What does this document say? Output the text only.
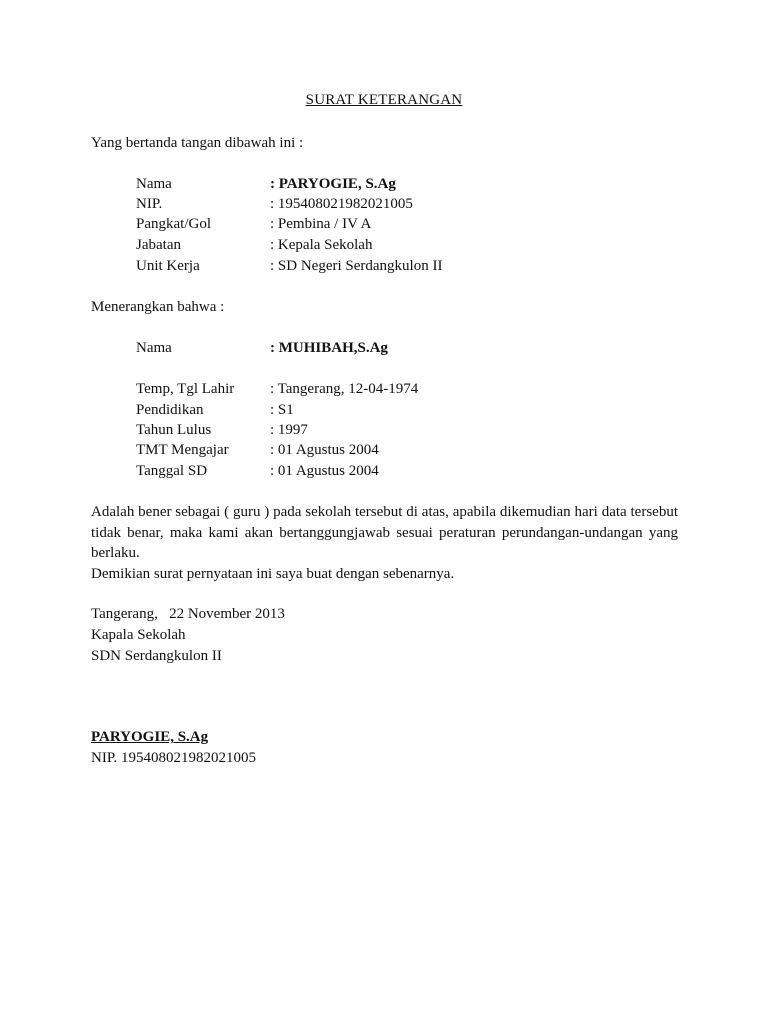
SURAT KETERANGAN
Yang bertanda tangan dibawah ini :
Nama	: PARYOGIE, S.Ag
NIP.	: 195408021982021005
Pangkat/Gol	: Pembina / IV A
Jabatan	: Kepala Sekolah
Unit Kerja	: SD Negeri Serdangkulon II
Menerangkan bahwa :
Nama	: MUHIBAH,S.Ag
Temp, Tgl Lahir : Tangerang, 12-04-1974
Pendidikan	: S1
Tahun Lulus	: 1997
TMT Mengajar	: 01 Agustus 2004
Tanggal SD	: 01 Agustus 2004

Adalah bener sebagai ( guru ) pada sekolah tersebut di atas, apabila dikemudian hari data tersebut tidak benar, maka kami akan bertanggungjawab sesuai peraturan perundangan-undangan yang berlaku.

Demikian surat pernyataan ini saya buat dengan sebenarnya.

Tangerang,   22 November 2013
Kapala Sekolah
SDN Serdangkulon II
PARYOGIE, S.Ag
NIP. 195408021982021005
